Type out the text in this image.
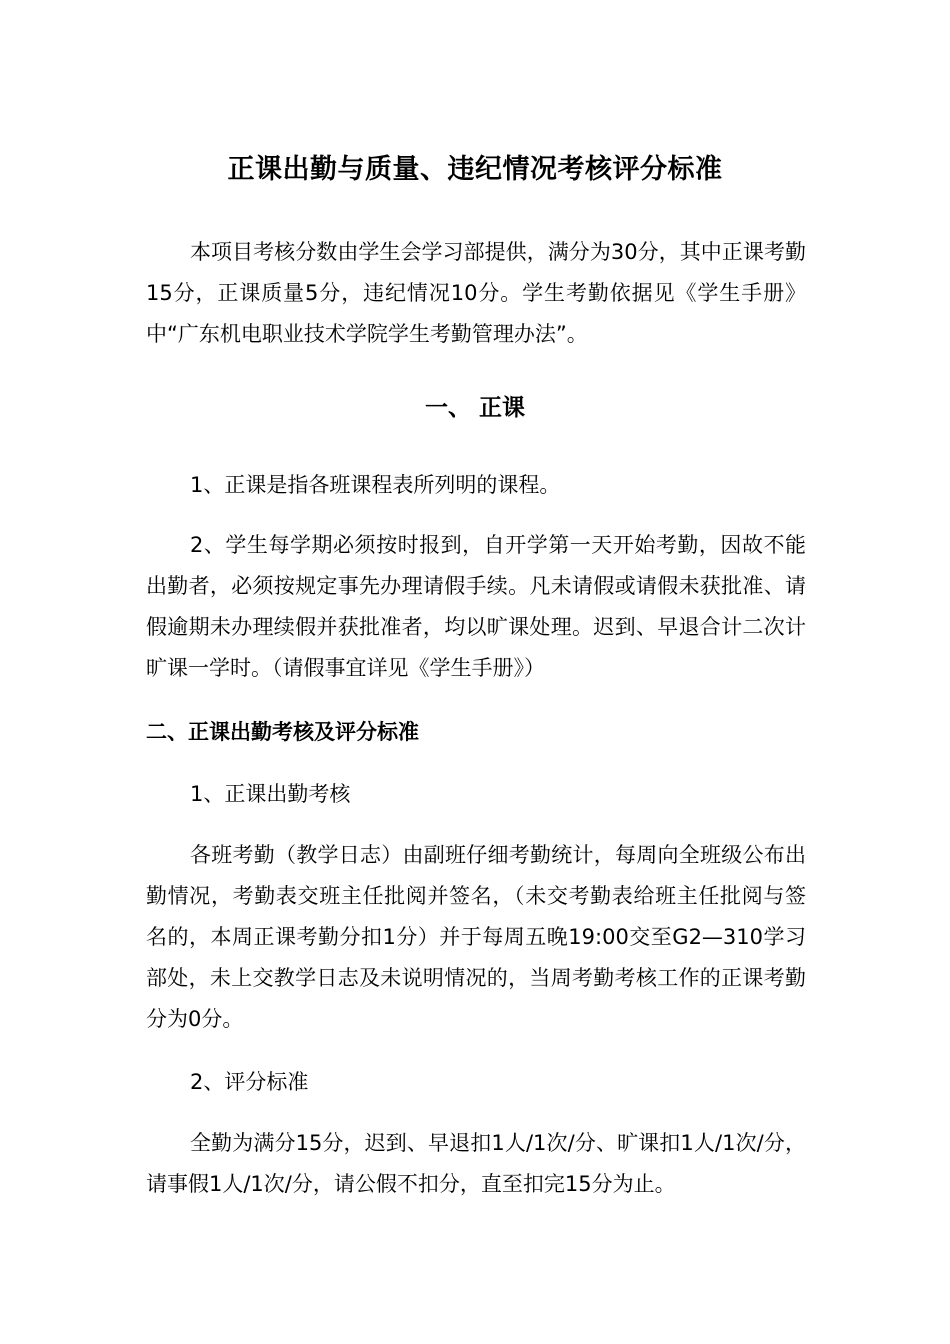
正课出勤与质量、违纪情况考核评分标准

本项目考核分数由学生会学习部提供，满分为30分，其中正课考勤15分，正课质量5分，违纪情况10分。学生考勤依据见《学生手册》中“广东机电职业技术学院学生考勤管理办法”。

一、 正课

1、正课是指各班课程表所列明的课程。

2、学生每学期必须按时报到，自开学第一天开始考勤，因故不能出勤者，必须按规定事先办理请假手续。凡未请假或请假未获批准、请假逾期未办理续假并获批准者，均以旷课处理。迟到、早退合计二次计旷课一学时。（请假事宜详见《学生手册》）

二、正课出勤考核及评分标准
1、正课出勤考核

各班考勤（教学日志）由副班仔细考勤统计，每周向全班级公布出勤情况，考勤表交班主任批阅并签名，（未交考勤表给班主任批阅与签名的，本周正课考勤分扣1分）并于每周五晚19:00交至G2—310学习部处，未上交教学日志及未说明情况的，当周考勤考核工作的正课考勤分为0分。

2、评分标准

全勤为满分15分，迟到、早退扣1人/1次/分、旷课扣1人/1次/分，请事假1人/1次/分，请公假不扣分，直至扣完15分为止。
